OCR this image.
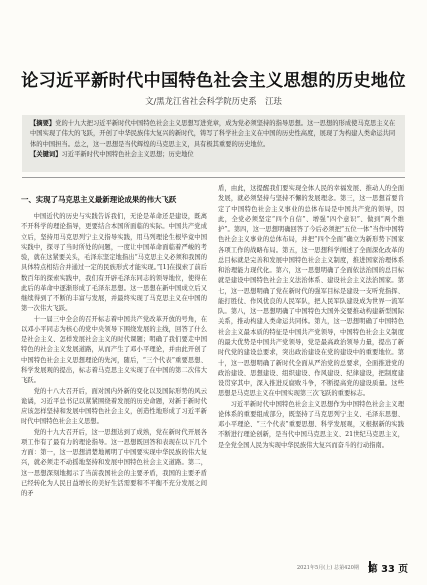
论习近平新时代中国特色社会主义思想的历史地位
文/黑龙江省社会科学院历史系　江珐
【摘要】党的十九大把习近平新时代中国特色社会主义思想写进党章，成为党必须坚持的指导思想。这一思想的形成使马克思主义在中国实现了伟大的飞跃，开创了中华民族伟大复兴的新时代，铸写了科学社会主义在中国的历史性高度，展现了为构建人类命运共同体的中国担当。总之，这一思想是当代辉煌的马克思主义，具有极其重要的历史地位。
【关键词】习近平新时代中国特色社会主义思想；历史地位
一、实现了马克思主义最新理论成果的伟大飞跃

中国近代的历史与实践告诉我们，无论是革命还是建设，既离不开科学的理论指导，更要结合本国所面临的实际。中国共产党成立后，坚持用马克思列宁主义指导实践，用马列理论生根毕竟中国实践中，探寻了当时所处的问题，一度让中国革命面临着严峻的考验，就在这紧要关头，毛泽东坚定地指出“马克思主义必须和我国的具体特点相结合并通过一定的民族形式才能实现。”[1]在摸索了前后数百年的探索实践中，我们有开辟毛泽东同志的领导地位，使得在此后的革命中逐渐形成了毛泽东思想。这一思想在新中国成立后又继续得到了不断的丰富与发展，并最终实现了马克思主义在中国的第一次伟大飞跃。

十一届三中全会的召开标志着中国共产党改革开放的号角，在以邓小平同志为核心的党中央领导下围绕发展的主线，回答了什么是社会主义、怎样发展社会主义的时代课题；明确了我们要走中国特色的社会主义发展道路，从而产生了邓小平理论，并由此开创了中国特色社会主义思想理论的先河，随后，“三个代表”重要思想、科学发展观的提出，标志着马克思主义实现了在中国的第二次伟大飞跃。

党的十八大召开后，面对国内外新的变化以及国际形势的风云诡谲，习近平总书记以紧紧围绕着发展的历史命题，对新于新时代应该怎样坚持和发展中国特色社会主义，创造性地形成了习近平新时代中国特色社会主义思想。

党的十九大召开后，这一思想达到了成熟，党在新时代开展各项工作有了最有力的理论指导。这一思想既回答和表现在以下几个方面：第一，这一思想清楚地阐明了中国要实现中华民族的伟大复兴，就必须走不动摇地坚持和发展中国特色社会主义道路。第二，这一思想深刻地揭示了当前我国社会的主要矛盾，我国的主要矛盾已经转化为人民日益增长的美好生活需要和不平衡不充分发展之间的矛

盾，由此，这提醒我们要实现全体人民的幸福发展、推动人的全面发展，就必须坚持与坚持不懈的发展理念。第三，这一思想首要肯定了中国特色社会主义事业的总体布局是中国共产党的领导，因此，全党必须坚定“四个自信”、增强“四个意识”、做到“两个维护”。第四，这一思想明确回答了今后必须把“五位一体”当作中国特色社会主义事业的总体布局，并把“四个全面”确立为新形势下国家各项工作的战略布局。第五，这一思想科学阐述了全面深化改革的总目标就是完善和发展中国特色社会主义制度，推进国家治理体系和治理能力现代化。第六，这一思想明确了全面依法治国的总目标就是建设中国特色社会主义法治体系、建设社会主义法治国家。第七，这一思想明确了党在新时代的强军目标是建设一支听党指挥、能打胜仗、作风优良的人民军队，把人民军队建设成为世界一流军队。第八，这一思想明确了中国特色大国外交要推动构建新型国际关系，推动构建人类命运共同体。第九，这一思想明确了中国特色社会主义最本质的特征是中国共产党领导，中国特色社会主义制度的最大优势是中国共产党领导，党是最高政治领导力量，提出了新时代党的建设总要求，突出政治建设在党的建设中的重要地位。第十，这一思想明确了新时代全面从严治党的总要求，全面推进党的政治建设、思想建设、组织建设、作风建设、纪律建设，把制度建设贯穿其中，深入推进反腐败斗争，不断提高党的建设质量。这些思想是马克思主义在中国实现第三次飞跃的重要标志。

习近平新时代中国特色社会主义思想作为中国特色社会主义理论体系的重要组成部分，既坚持了马克思列宁主义、毛泽东思想、邓小平理论、“三个代表”重要思想、科学发展观，又根据新的实践不断进行理论创新，是当代中国马克思主义、21世纪马克思主义，是全党全国人民为实现中华民族伟大复兴而奋斗的行动指南。

2021年5月(上) 总第420期 第 33 页
